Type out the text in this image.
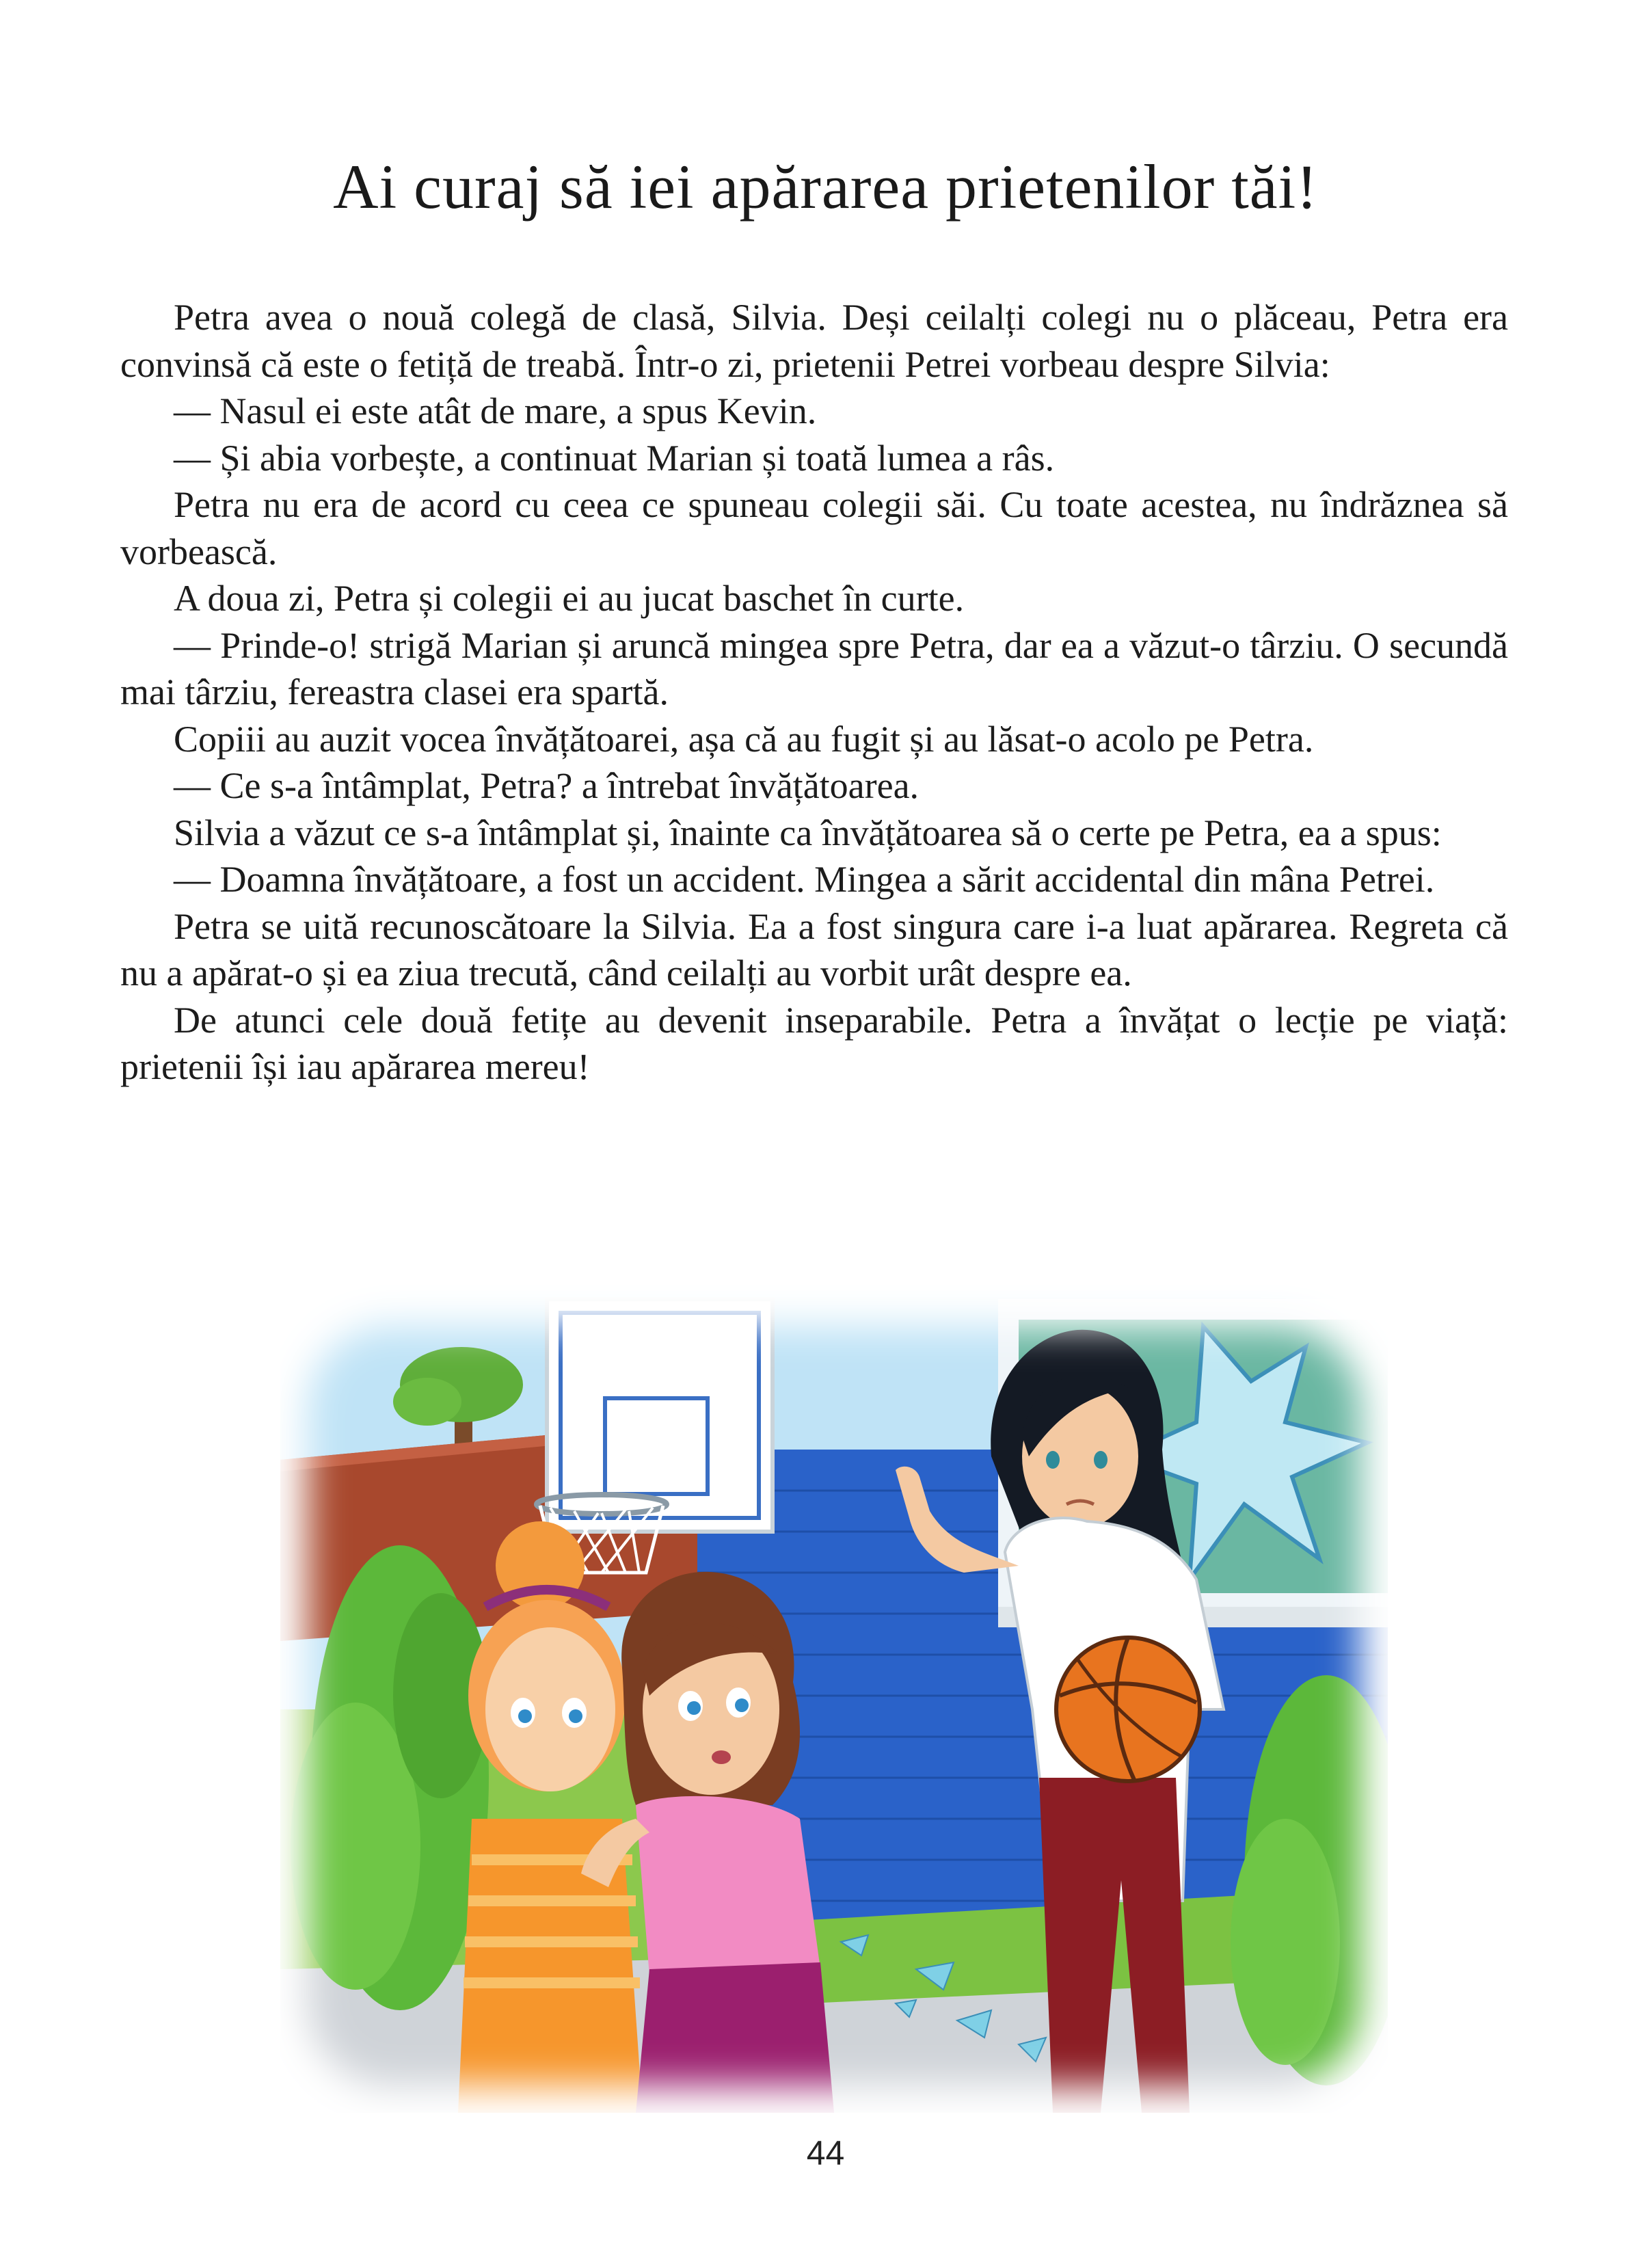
Ai curaj să iei apărarea prietenilor tăi!

Petra avea o nouă colegă de clasă, Silvia. Deși ceilalți colegi nu o plăceau, Petra era convinsă că este o fetiță de treabă. Într-o zi, prietenii Petrei vorbeau despre Silvia:

— Nasul ei este atât de mare, a spus Kevin.

— Și abia vorbește, a continuat Marian și toată lumea a râs.

Petra nu era de acord cu ceea ce spuneau colegii săi. Cu toate acestea, nu îndrăznea să vorbească.

A doua zi, Petra și colegii ei au jucat baschet în curte.

— Prinde-o! strigă Marian și aruncă mingea spre Petra, dar ea a văzut-o târziu. O secundă mai târziu, fereastra clasei era spartă.

Copiii au auzit vocea învățătoarei, așa că au fugit și au lăsat-o acolo pe Petra.

— Ce s-a întâmplat, Petra? a întrebat învățătoarea.

Silvia a văzut ce s-a întâmplat și, înainte ca învățătoarea să o certe pe Petra, ea a spus:

— Doamna învățătoare, a fost un accident. Mingea a sărit accidental din mâna Petrei.

Petra se uită recunoscătoare la Silvia. Ea a fost singura care i-a luat apărarea. Regreta că nu a apărat-o și ea ziua trecută, când ceilalți au vorbit urât despre ea.

De atunci cele două fetițe au devenit inseparabile. Petra a învățat o lecție pe viață: prietenii își iau apărarea mereu!

44
